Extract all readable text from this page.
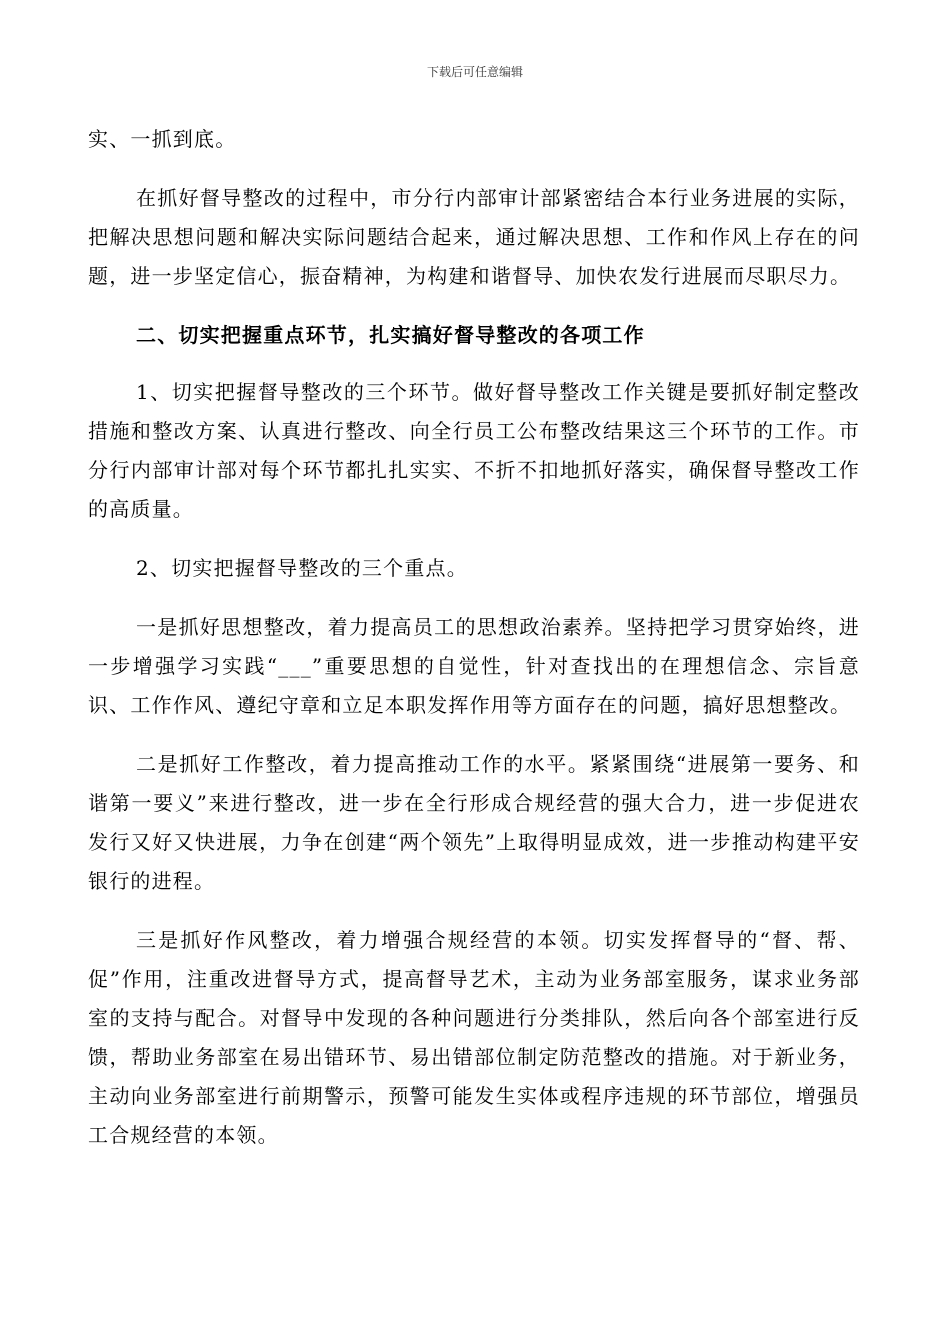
下载后可任意编辑

实、一抓到底。

在抓好督导整改的过程中，市分行内部审计部紧密结合本行业务进展的实际，把解决思想问题和解决实际问题结合起来，通过解决思想、工作和作风上存在的问题，进一步坚定信心，振奋精神，为构建和谐督导、加快农发行进展而尽职尽力。

二、切实把握重点环节，扎实搞好督导整改的各项工作

1、切实把握督导整改的三个环节。做好督导整改工作关键是要抓好制定整改措施和整改方案、认真进行整改、向全行员工公布整改结果这三个环节的工作。市分行内部审计部对每个环节都扎扎实实、不折不扣地抓好落实，确保督导整改工作的高质量。

2、切实把握督导整改的三个重点。

一是抓好思想整改，着力提高员工的思想政治素养。坚持把学习贯穿始终，进一步增强学习实践“___”重要思想的自觉性，针对查找出的在理想信念、宗旨意识、工作作风、遵纪守章和立足本职发挥作用等方面存在的问题，搞好思想整改。

二是抓好工作整改，着力提高推动工作的水平。紧紧围绕“进展第一要务、和谐第一要义”来进行整改，进一步在全行形成合规经营的强大合力，进一步促进农发行又好又快进展，力争在创建“两个领先”上取得明显成效，进一步推动构建平安银行的进程。

三是抓好作风整改，着力增强合规经营的本领。切实发挥督导的“督、帮、促”作用，注重改进督导方式，提高督导艺术，主动为业务部室服务，谋求业务部室的支持与配合。对督导中发现的各种问题进行分类排队，然后向各个部室进行反馈，帮助业务部室在易出错环节、易出错部位制定防范整改的措施。对于新业务，主动向业务部室进行前期警示，预警可能发生实体或程序违规的环节部位，增强员工合规经营的本领。
